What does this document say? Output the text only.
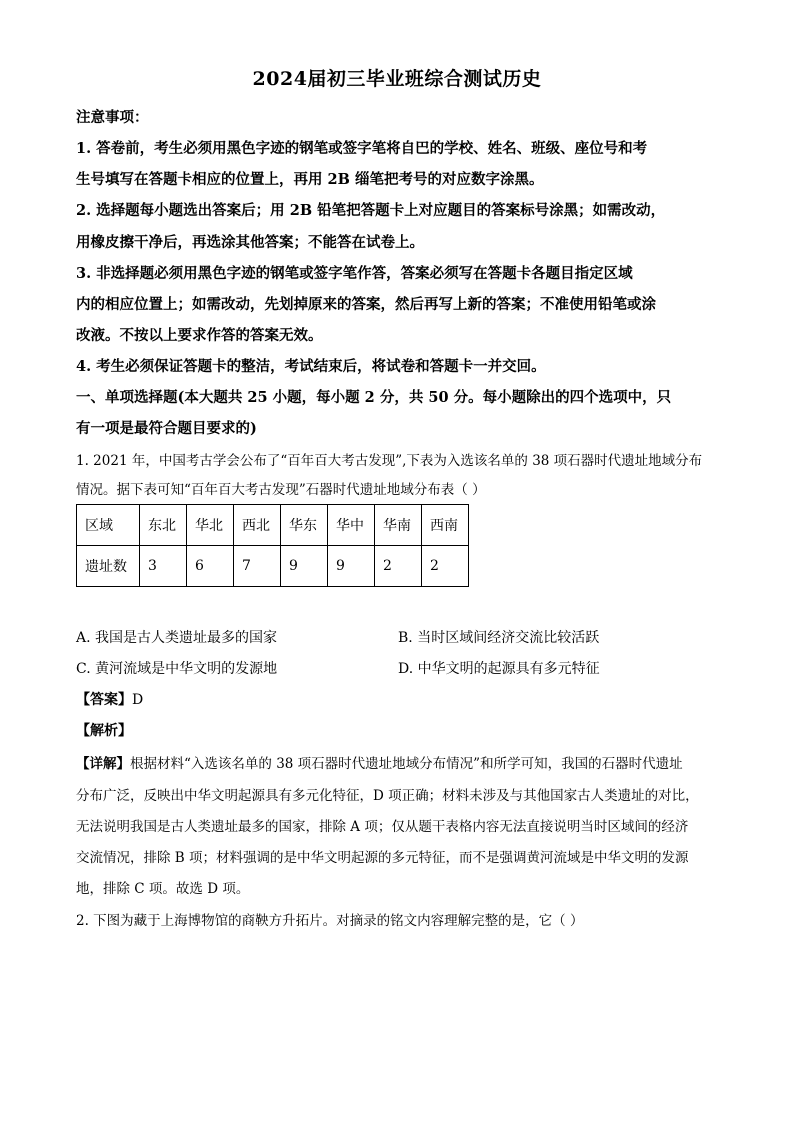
2024届初三毕业班综合测试历史
注意事项：
1. 答卷前，考生必须用黑色字迹的钢笔或签字笔将自巴的学校、姓名、班级、座位号和考
生号填写在答题卡相应的位置上，再用 2B 缁笔把考号的对应数字涂黑。
2. 选择题每小题选出答案后；用 2B 铅笔把答题卡上对应题目的答案标号涂黑；如需改动，
用橡皮擦干净后，再选涂其他答案；不能答在试卷上。
3. 非选择题必须用黑色字迹的钢笔或签字笔作答，答案必须写在答题卡各题目指定区域
内的相应位置上；如需改动，先划掉原来的答案，然后再写上新的答案；不准使用铅笔或涂
改液。不按以上要求作答的答案无效。
4. 考生必须保证答题卡的整洁，考试结束后，将试卷和答题卡一并交回。
一、单项选择题(本大题共 25 小题，每小题 2 分，共 50 分。每小题除出的四个选项中，只
有一项是最符合题目要求的)
1. 2021 年，中国考古学会公布了“百年百大考古发现”,下表为入选该名单的 38 项石器时代遗址地域分布
情况。据下表可知“百年百大考古发现”石器时代遗址地域分布表（ ）
区域	东北	华北	西北	华东	华中	华南	西南
遗址数	3	6	7	9	9	2	2
A. 我国是古人类遗址最多的国家	B. 当时区域间经济交流比较活跃
C. 黄河流域是中华文明的发源地	D. 中华文明的起源具有多元特征
【答案】D
【解析】
【详解】根据材料“入选该名单的 38 项石器时代遗址地域分布情况”和所学可知，我国的石器时代遗址
分布广泛，反映出中华文明起源具有多元化特征，D 项正确；材料未涉及与其他国家古人类遗址的对比，
无法说明我国是古人类遗址最多的国家，排除 A 项；仅从题干表格内容无法直接说明当时区域间的经济
交流情况，排除 B 项；材料强调的是中华文明起源的多元特征，而不是强调黄河流域是中华文明的发源
地，排除 C 项。故选 D 项。
2. 下图为藏于上海博物馆的商鞅方升拓片。对摘录的铭文内容理解完整的是，它（ ）
